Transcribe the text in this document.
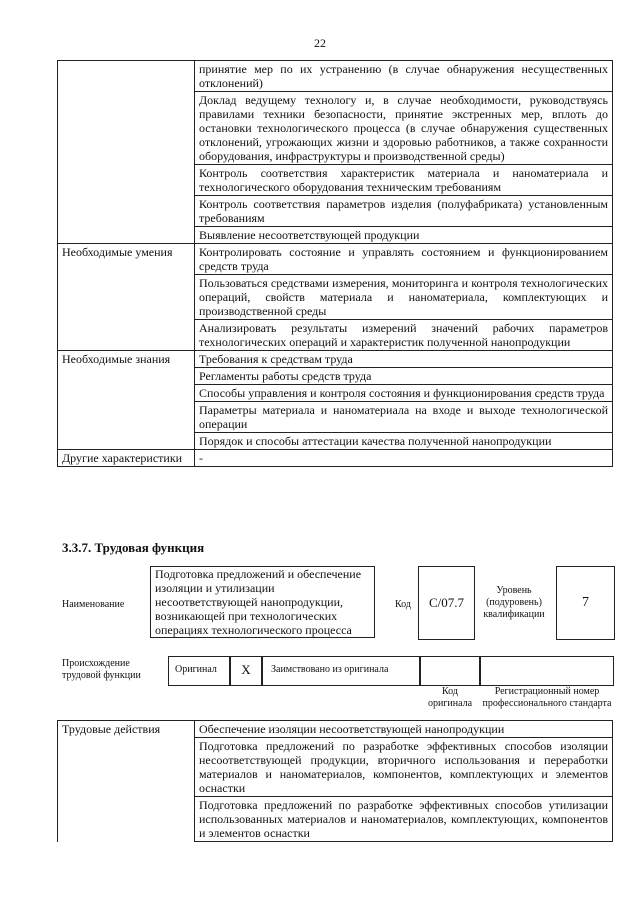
22
	принятие мер по их устранению (в случае обнаружения несущественных отклонений)
	Доклад ведущему технологу и, в случае необходимости, руководствуясь правилами техники безопасности, принятие экстренных мер, вплоть до остановки технологического процесса (в случае обнаружения существенных отклонений, угрожающих жизни и здоровью работников, а также сохранности оборудования, инфраструктуры и производственной среды)
	Контроль соответствия характеристик материала и наноматериала и технологического оборудования техническим требованиям
	Контроль соответствия параметров изделия (полуфабриката) установленным требованиям
	Выявление несоответствующей продукции
Необходимые умения	Контролировать состояние и управлять состоянием и функционированием средств труда
	Пользоваться средствами измерения, мониторинга и контроля технологических операций, свойств материала и наноматериала, комплектующих и производственной среды
	Анализировать результаты измерений значений рабочих параметров технологических операций и характеристик полученной нанопродукции
Необходимые знания	Требования к средствам труда
	Регламенты работы средств труда
	Способы управления и контроля состояния и функционирования средств труда
	Параметры материала и наноматериала на входе и выходе технологической операции
	Порядок и способы аттестации качества полученной нанопродукции
Другие характеристики	-
3.3.7. Трудовая функция
Наименование
Подготовка предложений и обеспечение изоляции и утилизации несоответствующей нанопродукции, возникающей при технологических операциях технологического процесса
Код	С/07.7
Уровень (подуровень) квалификации
7
Происхождение трудовой функции
Оригинал	X	Заимствовано из оригинала
Код оригинала
Регистрационный номер профессионального стандарта
Трудовые действия	Обеспечение изоляции несоответствующей нанопродукции
	Подготовка предложений по разработке эффективных способов изоляции несоответствующей продукции, вторичного использования и переработки материалов и наноматериалов, компонентов, комплектующих и элементов оснастки
	Подготовка предложений по разработке эффективных способов утилизации использованных материалов и наноматериалов, комплектующих, компонентов и элементов оснастки
